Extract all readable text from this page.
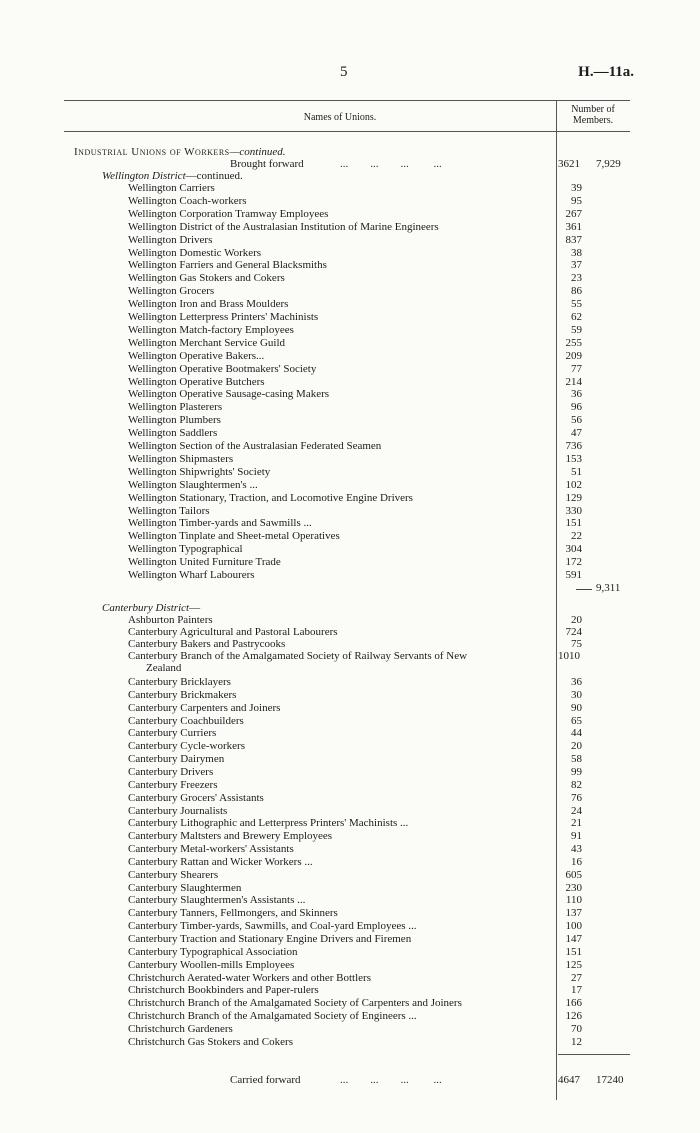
5	H.—11a.
Names of Unions.
Number of
Members.
Industrial Unions of Workers—continued.
Brought forward	...        ...        ...         ...	3621 7,929
Wellington District—continued.
Wellington Carriers	39
Wellington Coach-workers	95
Wellington Corporation Tramway Employees	267
Wellington District of the Australasian Institution of Marine Engineers	361
Wellington Drivers	837
Wellington Domestic Workers	38
Wellington Farriers and General Blacksmiths	37
Wellington Gas Stokers and Cokers	23
Wellington Grocers	86
Wellington Iron and Brass Moulders	55
Wellington Letterpress Printers' Machinists	62
Wellington Match-factory Employees	59
Wellington Merchant Service Guild	255
Wellington Operative Bakers...	209
Wellington Operative Bootmakers' Society	77
Wellington Operative Butchers	214
Wellington Operative Sausage-casing Makers	36
Wellington Plasterers	96
Wellington Plumbers	56
Wellington Saddlers	47
Wellington Section of the Australasian Federated Seamen	736
Wellington Shipmasters	153
Wellington Shipwrights' Society	51
Wellington Slaughtermen's ...	102
Wellington Stationary, Traction, and Locomotive Engine Drivers	129
Wellington Tailors	330
Wellington Timber-yards and Sawmills ...	151
Wellington Tinplate and Sheet-metal Operatives	22
Wellington Typographical	304
Wellington United Furniture Trade	172
Wellington Wharf Labourers	591
9,311
Canterbury District—
Ashburton Painters	20
Canterbury Agricultural and Pastoral Labourers	724
Canterbury Bakers and Pastrycooks	75
Canterbury Branch of the Amalgamated Society of Railway Servants of New	1010
Zealand
Canterbury Bricklayers	36
Canterbury Brickmakers	30
Canterbury Carpenters and Joiners	90
Canterbury Coachbuilders	65
Canterbury Curriers	44
Canterbury Cycle-workers	20
Canterbury Dairymen	58
Canterbury Drivers	99
Canterbury Freezers	82
Canterbury Grocers' Assistants	76
Canterbury Journalists	24
Canterbury Lithographic and Letterpress Printers' Machinists ...	21
Canterbury Maltsters and Brewery Employees	91
Canterbury Metal-workers' Assistants	43
Canterbury Rattan and Wicker Workers ...	16
Canterbury Shearers	605
Canterbury Slaughtermen	230
Canterbury Slaughtermen's Assistants ...	110
Canterbury Tanners, Fellmongers, and Skinners	137
Canterbury Timber-yards, Sawmills, and Coal-yard Employees ...	100
Canterbury Traction and Stationary Engine Drivers and Firemen	147
Canterbury Typographical Association	151
Canterbury Woollen-mills Employees	125
Christchurch Aerated-water Workers and other Bottlers	27
Christchurch Bookbinders and Paper-rulers	17
Christchurch Branch of the Amalgamated Society of Carpenters and Joiners	166
Christchurch Branch of the Amalgamated Society of Engineers ...	126
Christchurch Gardeners	70
Christchurch Gas Stokers and Cokers	12
Carried forward	...        ...        ...         ...	4647 17240
